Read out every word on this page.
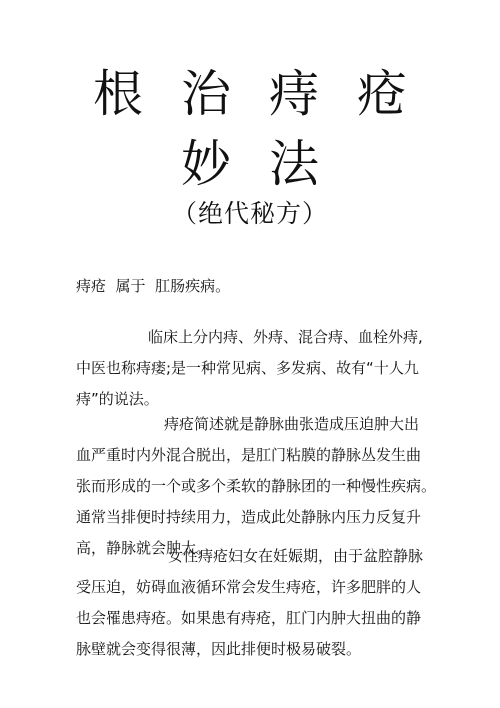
根治痔疮
妙法
（绝代秘方）
痔疮  属于  肛肠疾病。
临床上分内痔、外痔、混合痔、血栓外痔,
中医也称痔瘘;是一种常见病、多发病、故有“十人九
痔”的说法。
痔疮简述就是静脉曲张造成压迫肿大出
血严重时内外混合脱出，是肛门粘膜的静脉丛发生曲
张而形成的一个或多个柔软的静脉团的一种慢性疾病。
通常当排便时持续用力，造成此处静脉内压力反复升
高，静脉就会肿大。
女性痔疮妇女在妊娠期，由于盆腔静脉
受压迫，妨碍血液循环常会发生痔疮，许多肥胖的人
也会罹患痔疮。如果患有痔疮，肛门内肿大扭曲的静
脉壁就会变得很薄，因此排便时极易破裂。
